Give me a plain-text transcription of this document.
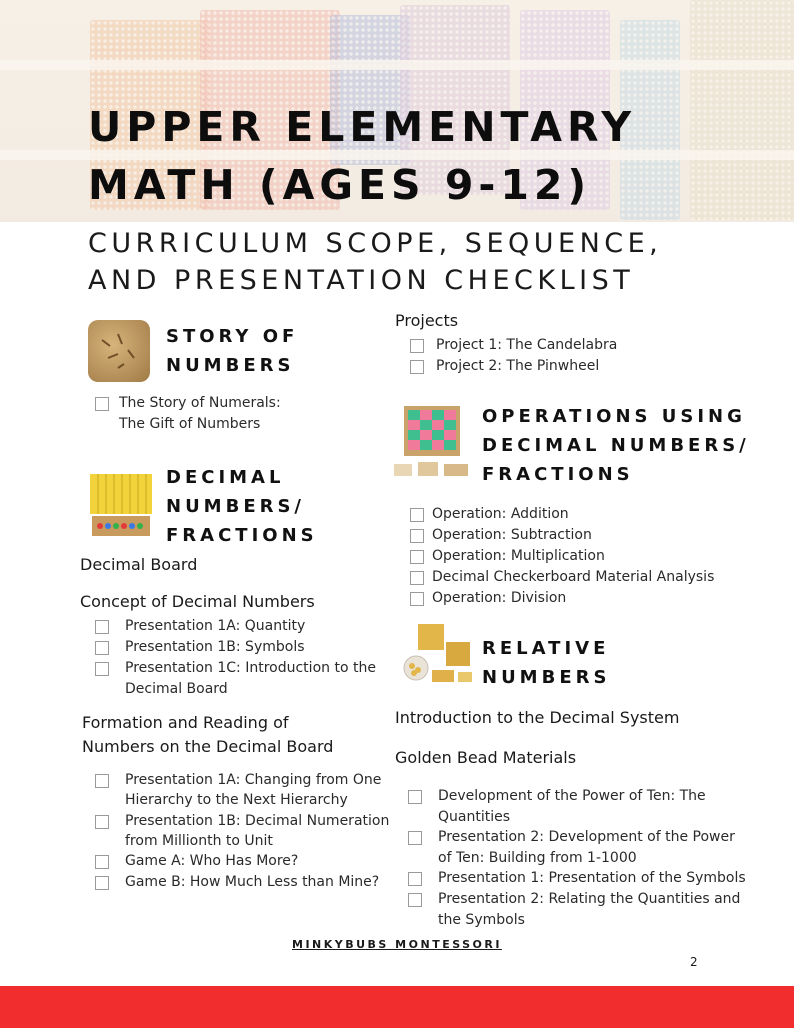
UPPER ELEMENTARY
MATH (AGES 9-12)
CURRICULUM SCOPE, SEQUENCE,
AND PRESENTATION CHECKLIST
STORY OF
NUMBERS
The Story of Numerals:
The Gift of Numbers
DECIMAL
NUMBERS/
FRACTIONS

Decimal Board

Concept of Decimal Numbers

Presentation 1A: Quantity
Presentation 1B: Symbols
Presentation 1C: Introduction to the
Decimal Board

Formation and Reading of
Numbers on the Decimal Board

Presentation 1A: Changing from One
Hierarchy to the Next Hierarchy
Presentation 1B: Decimal Numeration
from Millionth to Unit
Game A: Who Has More?
Game B: How Much Less than Mine?

Projects

Project 1: The Candelabra
Project 2: The Pinwheel
OPERATIONS USING
DECIMAL NUMBERS/
FRACTIONS
Operation: Addition
Operation: Subtraction
Operation: Multiplication
Decimal Checkerboard Material Analysis
Operation: Division
RELATIVE
NUMBERS

Introduction to the Decimal System

Golden Bead Materials

Development of the Power of Ten: The
Quantities
Presentation 2: Development of the Power
of Ten: Building from 1-1000
Presentation 1: Presentation of the Symbols
Presentation 2: Relating the Quantities and
the Symbols
MINKYBUBS MONTESSORI
2
